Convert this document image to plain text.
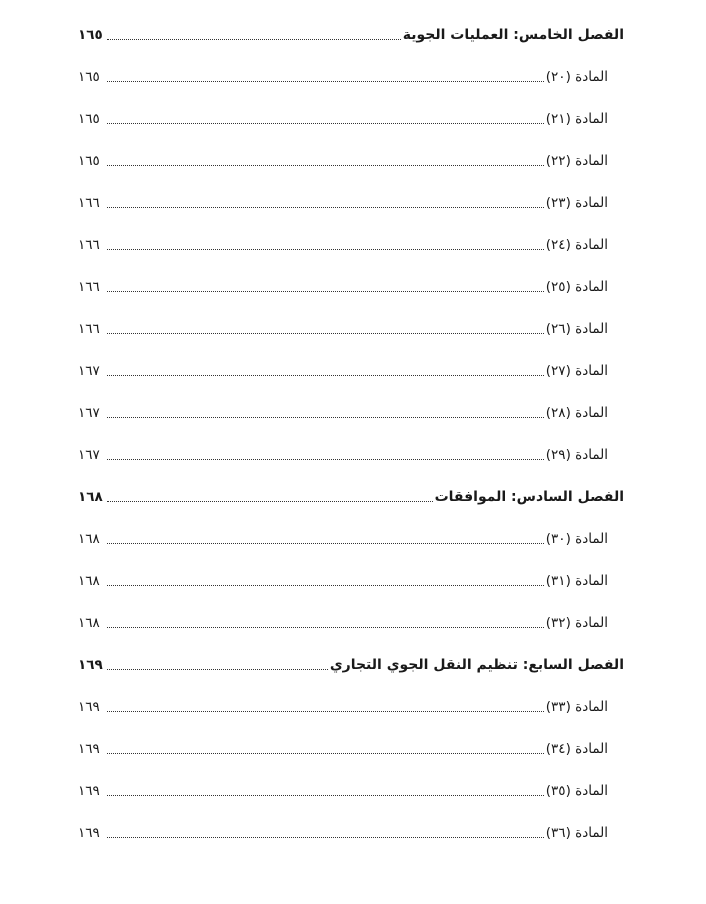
الفصل الخامس: العمليات الجوية
١٦٥
المادة (٢٠)
١٦٥
المادة (٢١)
١٦٥
المادة (٢٢)
١٦٥
المادة (٢٣)
١٦٦
المادة (٢٤)
١٦٦
المادة (٢٥)
١٦٦
المادة (٢٦)
١٦٦
المادة (٢٧)
١٦٧
المادة (٢٨)
١٦٧
المادة (٢٩)
١٦٧
الفصل السادس: الموافقات
١٦٨
المادة (٣٠)
١٦٨
المادة (٣١)
١٦٨
المادة (٣٢)
١٦٨
الفصل السابع: تنظيم النقل الجوي التجاري
١٦٩
المادة (٣٣)
١٦٩
المادة (٣٤)
١٦٩
المادة (٣٥)
١٦٩
المادة (٣٦)
١٦٩
